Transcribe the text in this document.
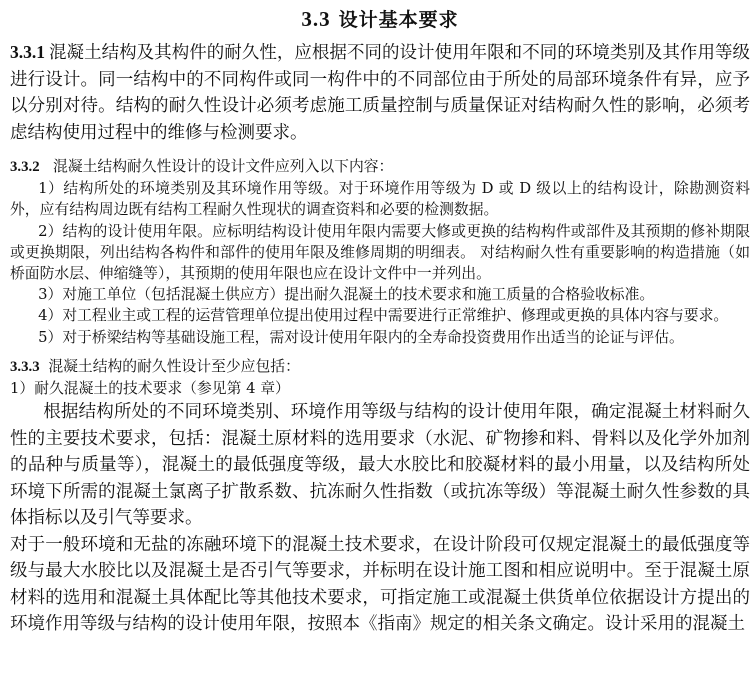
3.3 设计基本要求

3.3.1 混凝土结构及其构件的耐久性，应根据不同的设计使用年限和不同的环境类别及其作用等级进行设计。同一结构中的不同构件或同一构件中的不同部位由于所处的局部环境条件有异，应予以分别对待。结构的耐久性设计必须考虑施工质量控制与质量保证对结构耐久性的影响，必须考虑结构使用过程中的维修与检测要求。

3.3.2 混凝土结构耐久性设计的设计文件应列入以下内容：

1）结构所处的环境类别及其环境作用等级。对于环境作用等级为 D 或 D 级以上的结构设计，除勘测资料外，应有结构周边既有结构工程耐久性现状的调查资料和必要的检测数据。

2）结构的设计使用年限。应标明结构设计使用年限内需要大修或更换的结构构件或部件及其预期的修补期限或更换期限，列出结构各构件和部件的使用年限及维修周期的明细表。 对结构耐久性有重要影响的构造措施（如桥面防水层、伸缩缝等），其预期的使用年限也应在设计文件中一并列出。

3）对施工单位（包括混凝土供应方）提出耐久混凝土的技术要求和施工质量的合格验收标准。

4）对工程业主或工程的运营管理单位提出使用过程中需要进行正常维护、修理或更换的具体内容与要求。

5）对于桥梁结构等基础设施工程，需对设计使用年限内的全寿命投资费用作出适当的论证与评估。

3.3.3 混凝土结构的耐久性设计至少应包括：

1）耐久混凝土的技术要求（参见第 4 章）

根据结构所处的不同环境类别、环境作用等级与结构的设计使用年限，确定混凝土材料耐久性的主要技术要求，包括：混凝土原材料的选用要求（水泥、矿物掺和料、骨料以及化学外加剂的品种与质量等），混凝土的最低强度等级，最大水胶比和胶凝材料的最小用量，以及结构所处环境下所需的混凝土氯离子扩散系数、抗冻耐久性指数（或抗冻等级）等混凝土耐久性参数的具体指标以及引气等要求。

对于一般环境和无盐的冻融环境下的混凝土技术要求，在设计阶段可仅规定混凝土的最低强度等级与最大水胶比以及混凝土是否引气等要求，并标明在设计施工图和相应说明中。至于混凝土原材料的选用和混凝土具体配比等其他技术要求，可指定施工或混凝土供货单位依据设计方提出的环境作用等级与结构的设计使用年限，按照本《指南》规定的相关条文确定。设计采用的混凝土
